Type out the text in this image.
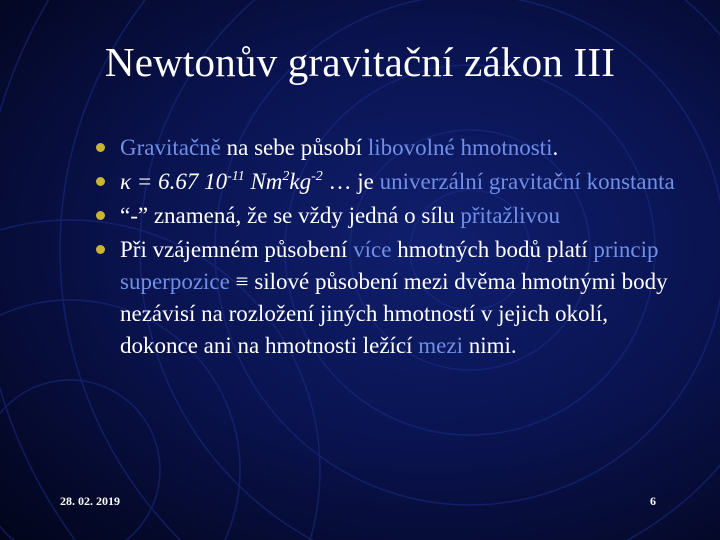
Newtonův gravitační zákon III
Gravitačně na sebe působí libovolné hmotnosti.
κ = 6.67 $10^{-11}$ $Nm^2kg^{-2}$ … je univerzální gravitační konstanta
“-” znamená, že se vždy jedná o sílu přitažlivou
Při vzájemném působení více hmotných bodů platí princip superpozice ≡ silové působení mezi dvěma hmotnými body nezávisí na rozložení jiných hmotností v jejich okolí, dokonce ani na hmotnosti ležící mezi nimi.
28. 02. 2019	6
